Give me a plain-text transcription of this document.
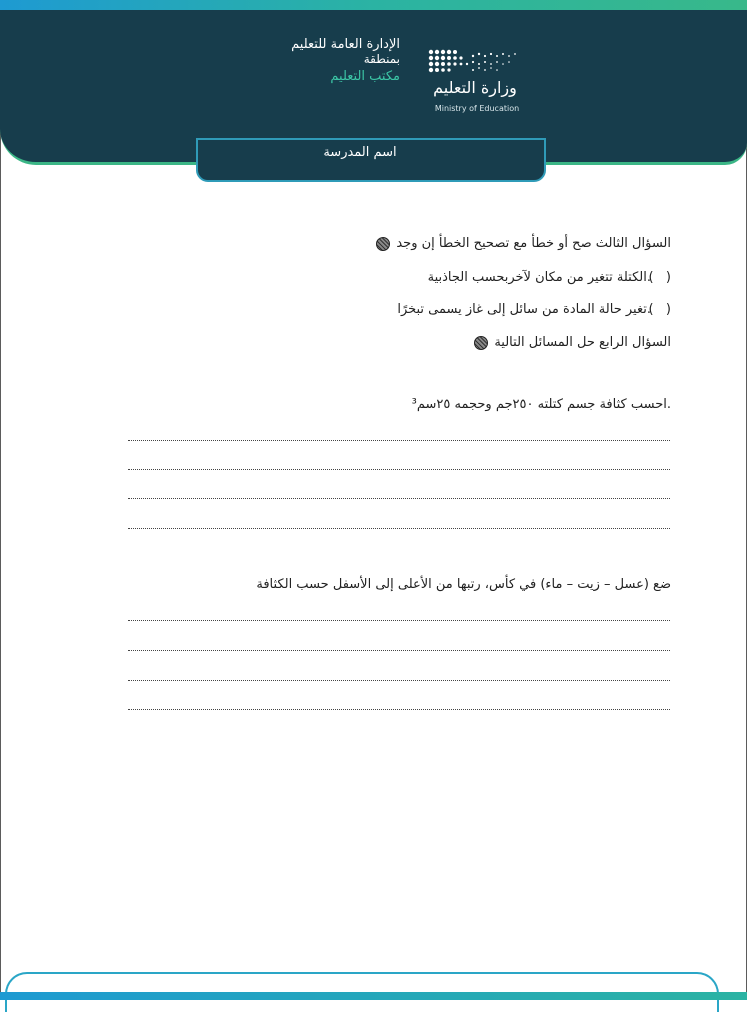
وزارة التعليم
Ministry of Education
الإدارة العامة للتعليم
بمنطقة
مكتب التعليم
اسم المدرسة
السؤال الثالث صح أو خطأ مع تصحيح الخطأ إن وجد
(   ).الكتلة تتغير من مكان لآخربحسب الجاذبية
(   ).تغير حالة المادة من سائل إلى غاز يسمى تبخرًا
السؤال الرابع حل المسائل التالية
.احسب كثافة جسم كتلته ٢٥٠جم وحجمه ٢٥سم³
ضع (عسل – زيت – ماء) في كأس، رتبها من الأعلى إلى الأسفل حسب الكثافة
